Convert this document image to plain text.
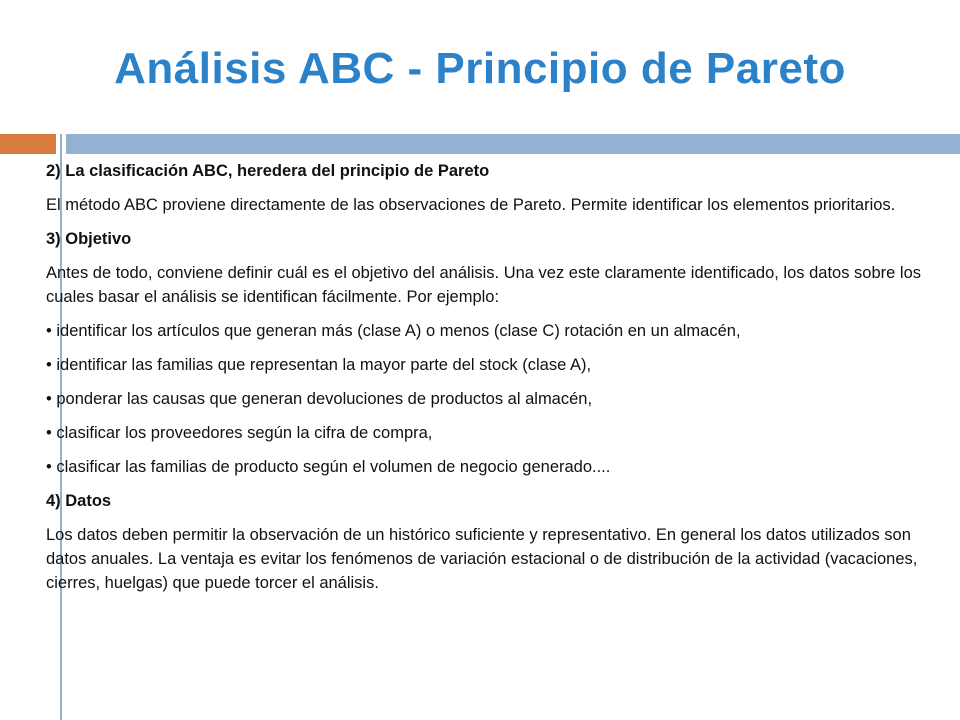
Análisis ABC - Principio de Pareto
2) La clasificación ABC, heredera del principio de Pareto
El método ABC proviene directamente de las observaciones de Pareto. Permite identificar los elementos prioritarios.
3) Objetivo
Antes de todo, conviene definir cuál es el objetivo del análisis. Una vez este claramente identificado, los datos sobre los cuales basar el análisis se identifican fácilmente. Por ejemplo:
• identificar los artículos que generan más (clase A) o menos (clase C) rotación en un almacén,
• identificar las familias que representan la mayor parte del stock (clase A),
• ponderar las causas que generan devoluciones de productos al almacén,
• clasificar los proveedores según la cifra de compra,
• clasificar las familias de producto según el volumen de negocio generado....
4) Datos
Los datos deben permitir la observación de un histórico suficiente y representativo. En general los datos utilizados son datos anuales. La ventaja es evitar los fenómenos de variación estacional o de distribución de la actividad (vacaciones, cierres, huelgas) que puede torcer el análisis.
